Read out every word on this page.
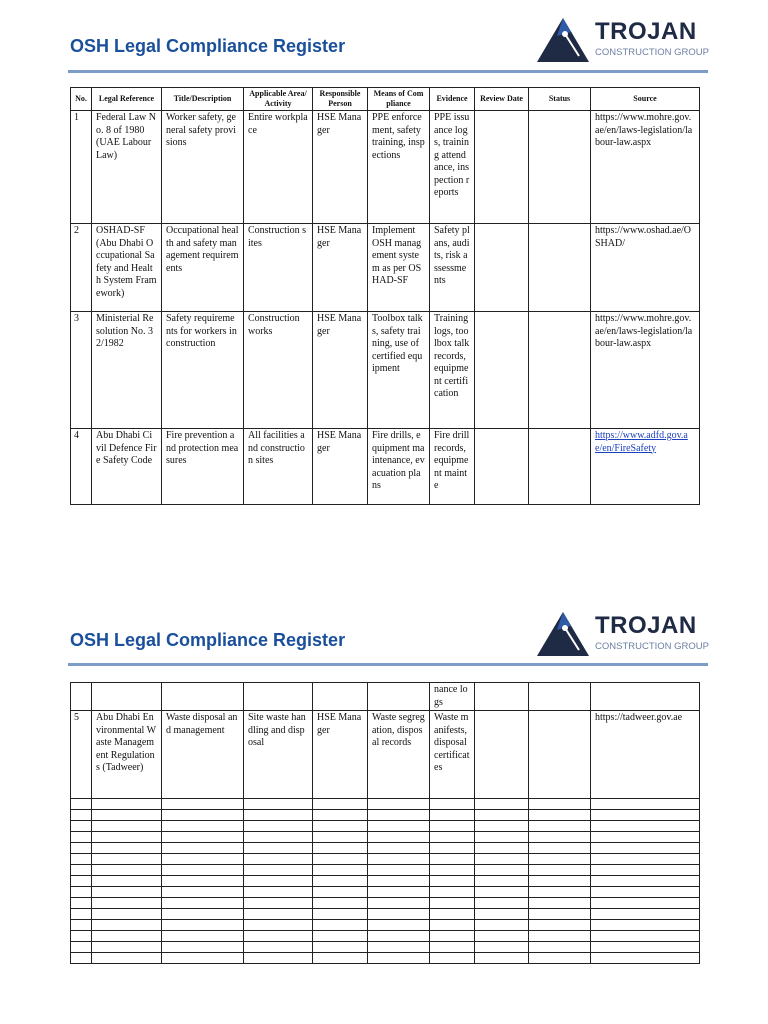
OSH Legal Compliance Register
TROJAN
CONSTRUCTION GROUP
No.	Legal Reference	Title/Description	Applicable Area/Activity	Responsible Person	Means of Compliance	Evidence	Review Date	Status	Source
1	Federal Law No. 8 of 1980 (UAE Labour Law)	Worker safety, general safety provisions	Entire workplace	HSE Manager	PPE enforcement, safety training, inspections	PPE issuance logs, training attendance, inspection reports			https://www.mohre.gov.ae/en/laws-legislation/labour-law.aspx
2	OSHAD-SF (Abu Dhabi Occupational Safety and Health System Framework)	Occupational health and safety management requirements	Construction sites	HSE Manager	Implement OSH management system as per OSHAD-SF	Safety plans, audits, risk assessments			https://www.oshad.ae/OSHAD/
3	Ministerial Resolution No. 32/1982	Safety requirements for workers in construction	Construction works	HSE Manager	Toolbox talks, safety training, use of certified equipment	Training logs, toolbox talk records, equipment certification			https://www.mohre.gov.ae/en/laws-legislation/labour-law.aspx
4	Abu Dhabi Civil Defence Fire Safety Code	Fire prevention and protection measures	All facilities and construction sites	HSE Manager	Fire drills, equipment maintenance, evacuation plans	Fire drill records, equipment mainte			https://www.adfd.gov.ae/en/FireSafety
OSH Legal Compliance Register
TROJAN
CONSTRUCTION GROUP
						nance logs			
5	Abu Dhabi Environmental Waste Management Regulations (Tadweer)	Waste disposal and management	Site waste handling and disposal	HSE Manager	Waste segregation, disposal records	Waste manifests, disposal certificates			https://tadweer.gov.ae
